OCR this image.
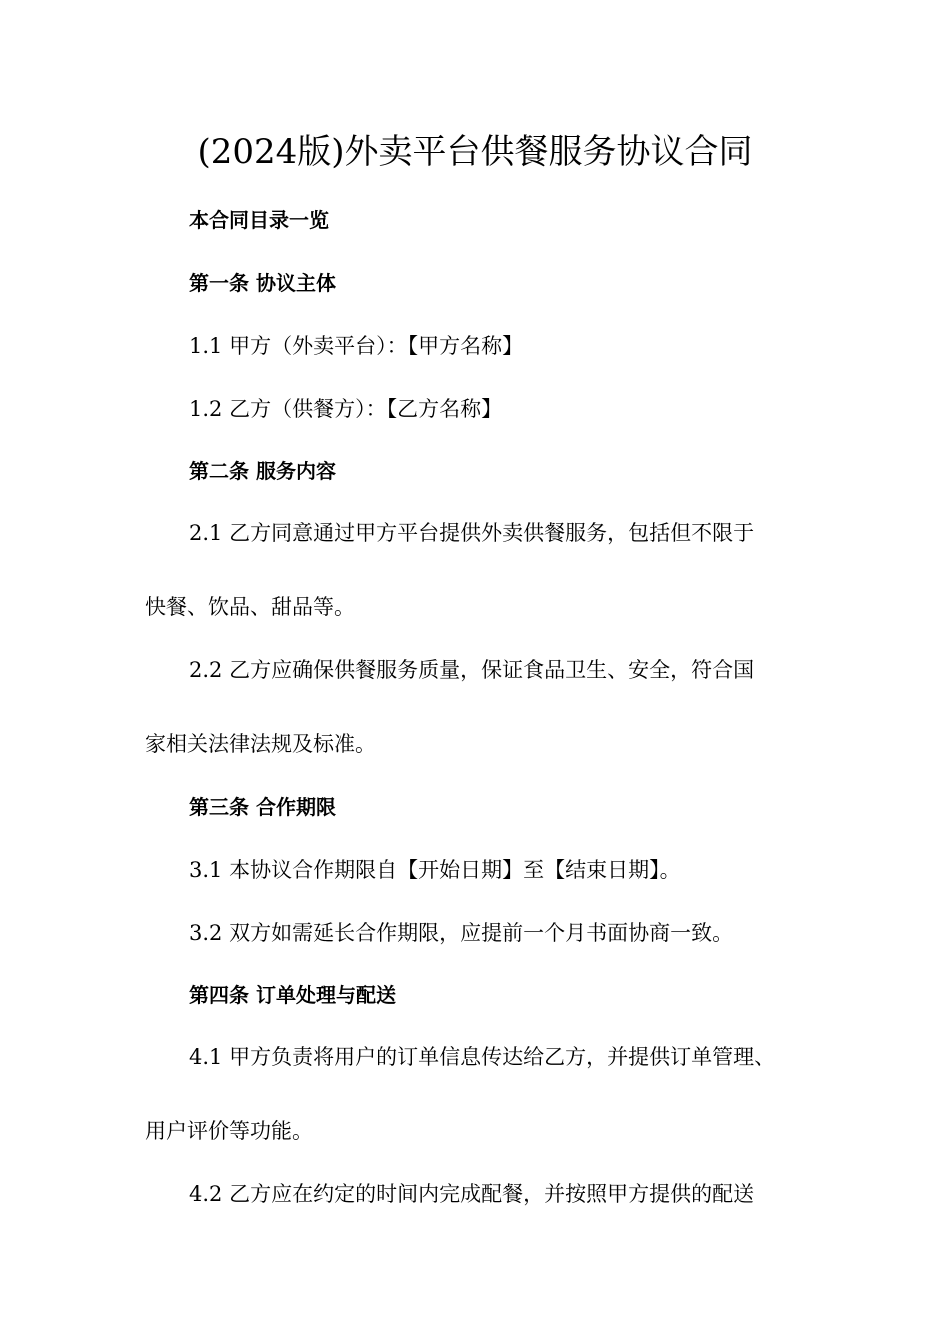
(2024版)外卖平台供餐服务协议合同

本合同目录一览

第一条 协议主体

1.1 甲方（外卖平台）：【甲方名称】

1.2 乙方（供餐方）：【乙方名称】

第二条 服务内容

2.1 乙方同意通过甲方平台提供外卖供餐服务，包括但不限于

快餐、饮品、甜品等。

2.2 乙方应确保供餐服务质量，保证食品卫生、安全，符合国

家相关法律法规及标准。

第三条 合作期限

3.1 本协议合作期限自【开始日期】至【结束日期】。

3.2 双方如需延长合作期限，应提前一个月书面协商一致。

第四条 订单处理与配送

4.1 甲方负责将用户的订单信息传达给乙方，并提供订单管理、

用户评价等功能。

4.2 乙方应在约定的时间内完成配餐，并按照甲方提供的配送
